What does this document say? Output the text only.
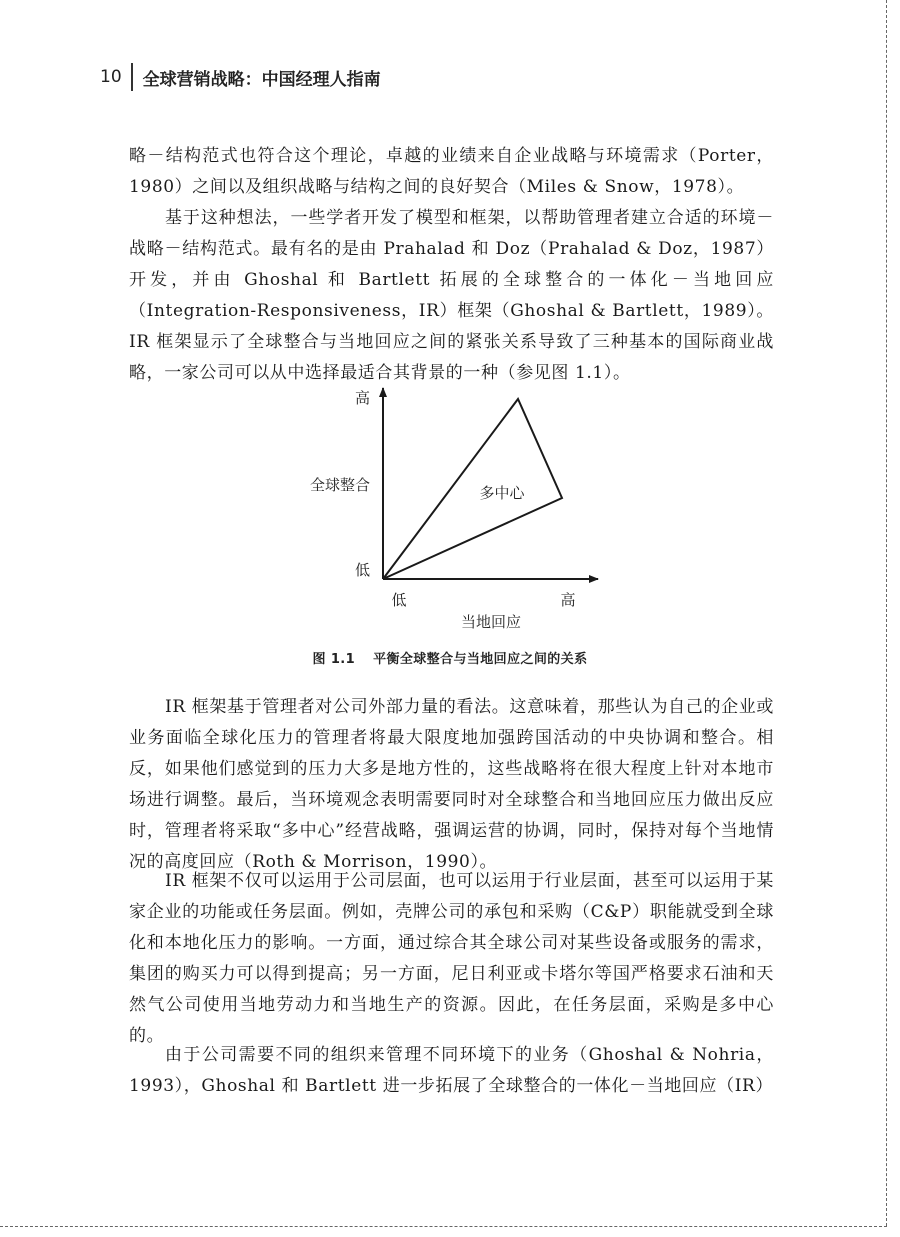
10 全球营销战略：中国经理人指南

略－结构范式也符合这个理论，卓越的业绩来自企业战略与环境需求（Porter，1980）之间以及组织战略与结构之间的良好契合（Miles & Snow，1978）。

基于这种想法，一些学者开发了模型和框架，以帮助管理者建立合适的环境－战略－结构范式。最有名的是由 Prahalad 和 Doz（Prahalad & Doz，1987）开发，并由 Ghoshal 和 Bartlett 拓展的全球整合的一体化－当地回应（Integration-Responsiveness，IR）框架（Ghoshal & Bartlett，1989）。IR 框架显示了全球整合与当地回应之间的紧张关系导致了三种基本的国际商业战略，一家公司可以从中选择最适合其背景的一种（参见图 1.1）。

高
全球整合
低
低	高
当地回应
多中心
图 1.1 平衡全球整合与当地回应之间的关系

IR 框架基于管理者对公司外部力量的看法。这意味着，那些认为自己的企业或业务面临全球化压力的管理者将最大限度地加强跨国活动的中央协调和整合。相反，如果他们感觉到的压力大多是地方性的，这些战略将在很大程度上针对本地市场进行调整。最后，当环境观念表明需要同时对全球整合和当地回应压力做出反应时，管理者将采取“多中心”经营战略，强调运营的协调，同时，保持对每个当地情况的高度回应（Roth & Morrison，1990）。

IR 框架不仅可以运用于公司层面，也可以运用于行业层面，甚至可以运用于某家企业的功能或任务层面。例如，壳牌公司的承包和采购（C&P）职能就受到全球化和本地化压力的影响。一方面，通过综合其全球公司对某些设备或服务的需求，集团的购买力可以得到提高；另一方面，尼日利亚或卡塔尔等国严格要求石油和天然气公司使用当地劳动力和当地生产的资源。因此，在任务层面，采购是多中心的。

由于公司需要不同的组织来管理不同环境下的业务（Ghoshal & Nohria，1993），Ghoshal 和 Bartlett 进一步拓展了全球整合的一体化－当地回应（IR）
